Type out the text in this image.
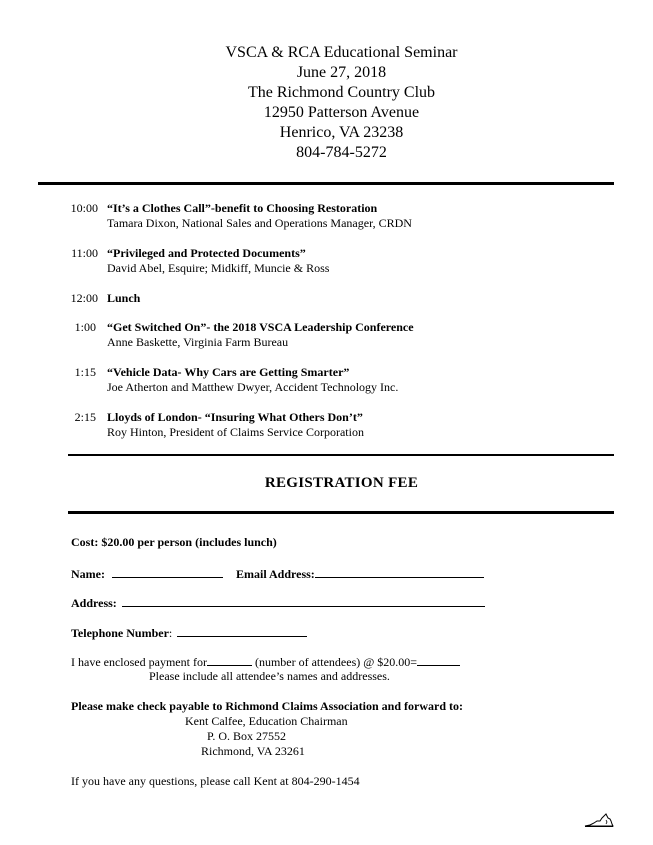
VSCA & RCA Educational Seminar
June 27, 2018
The Richmond Country Club
12950 Patterson Avenue
Henrico, VA 23238
804-784-5272
10:00 “It’s a Clothes Call”-benefit to Choosing Restoration
Tamara Dixon, National Sales and Operations Manager, CRDN
11:00 “Privileged and Protected Documents”
David Abel, Esquire; Midkiff, Muncie & Ross
12:00 Lunch
1:00 “Get Switched On”- the 2018 VSCA Leadership Conference
Anne Baskette, Virginia Farm Bureau
1:15 “Vehicle Data- Why Cars are Getting Smarter”
Joe Atherton and Matthew Dwyer, Accident Technology Inc.
2:15 Lloyds of London- “Insuring What Others Don’t”
Roy Hinton, President of Claims Service Corporation
REGISTRATION FEE
Cost: $20.00 per person (includes lunch)
Name:	Email Address:
Address:
Telephone Number:
I have enclosed payment for	(number of attendees) @ $20.00=
Please include all attendee’s names and addresses.
Please make check payable to Richmond Claims Association and forward to:
Kent Calfee, Education Chairman
P. O. Box 27552
Richmond, VA 23261
If you have any questions, please call Kent at 804-290-1454
